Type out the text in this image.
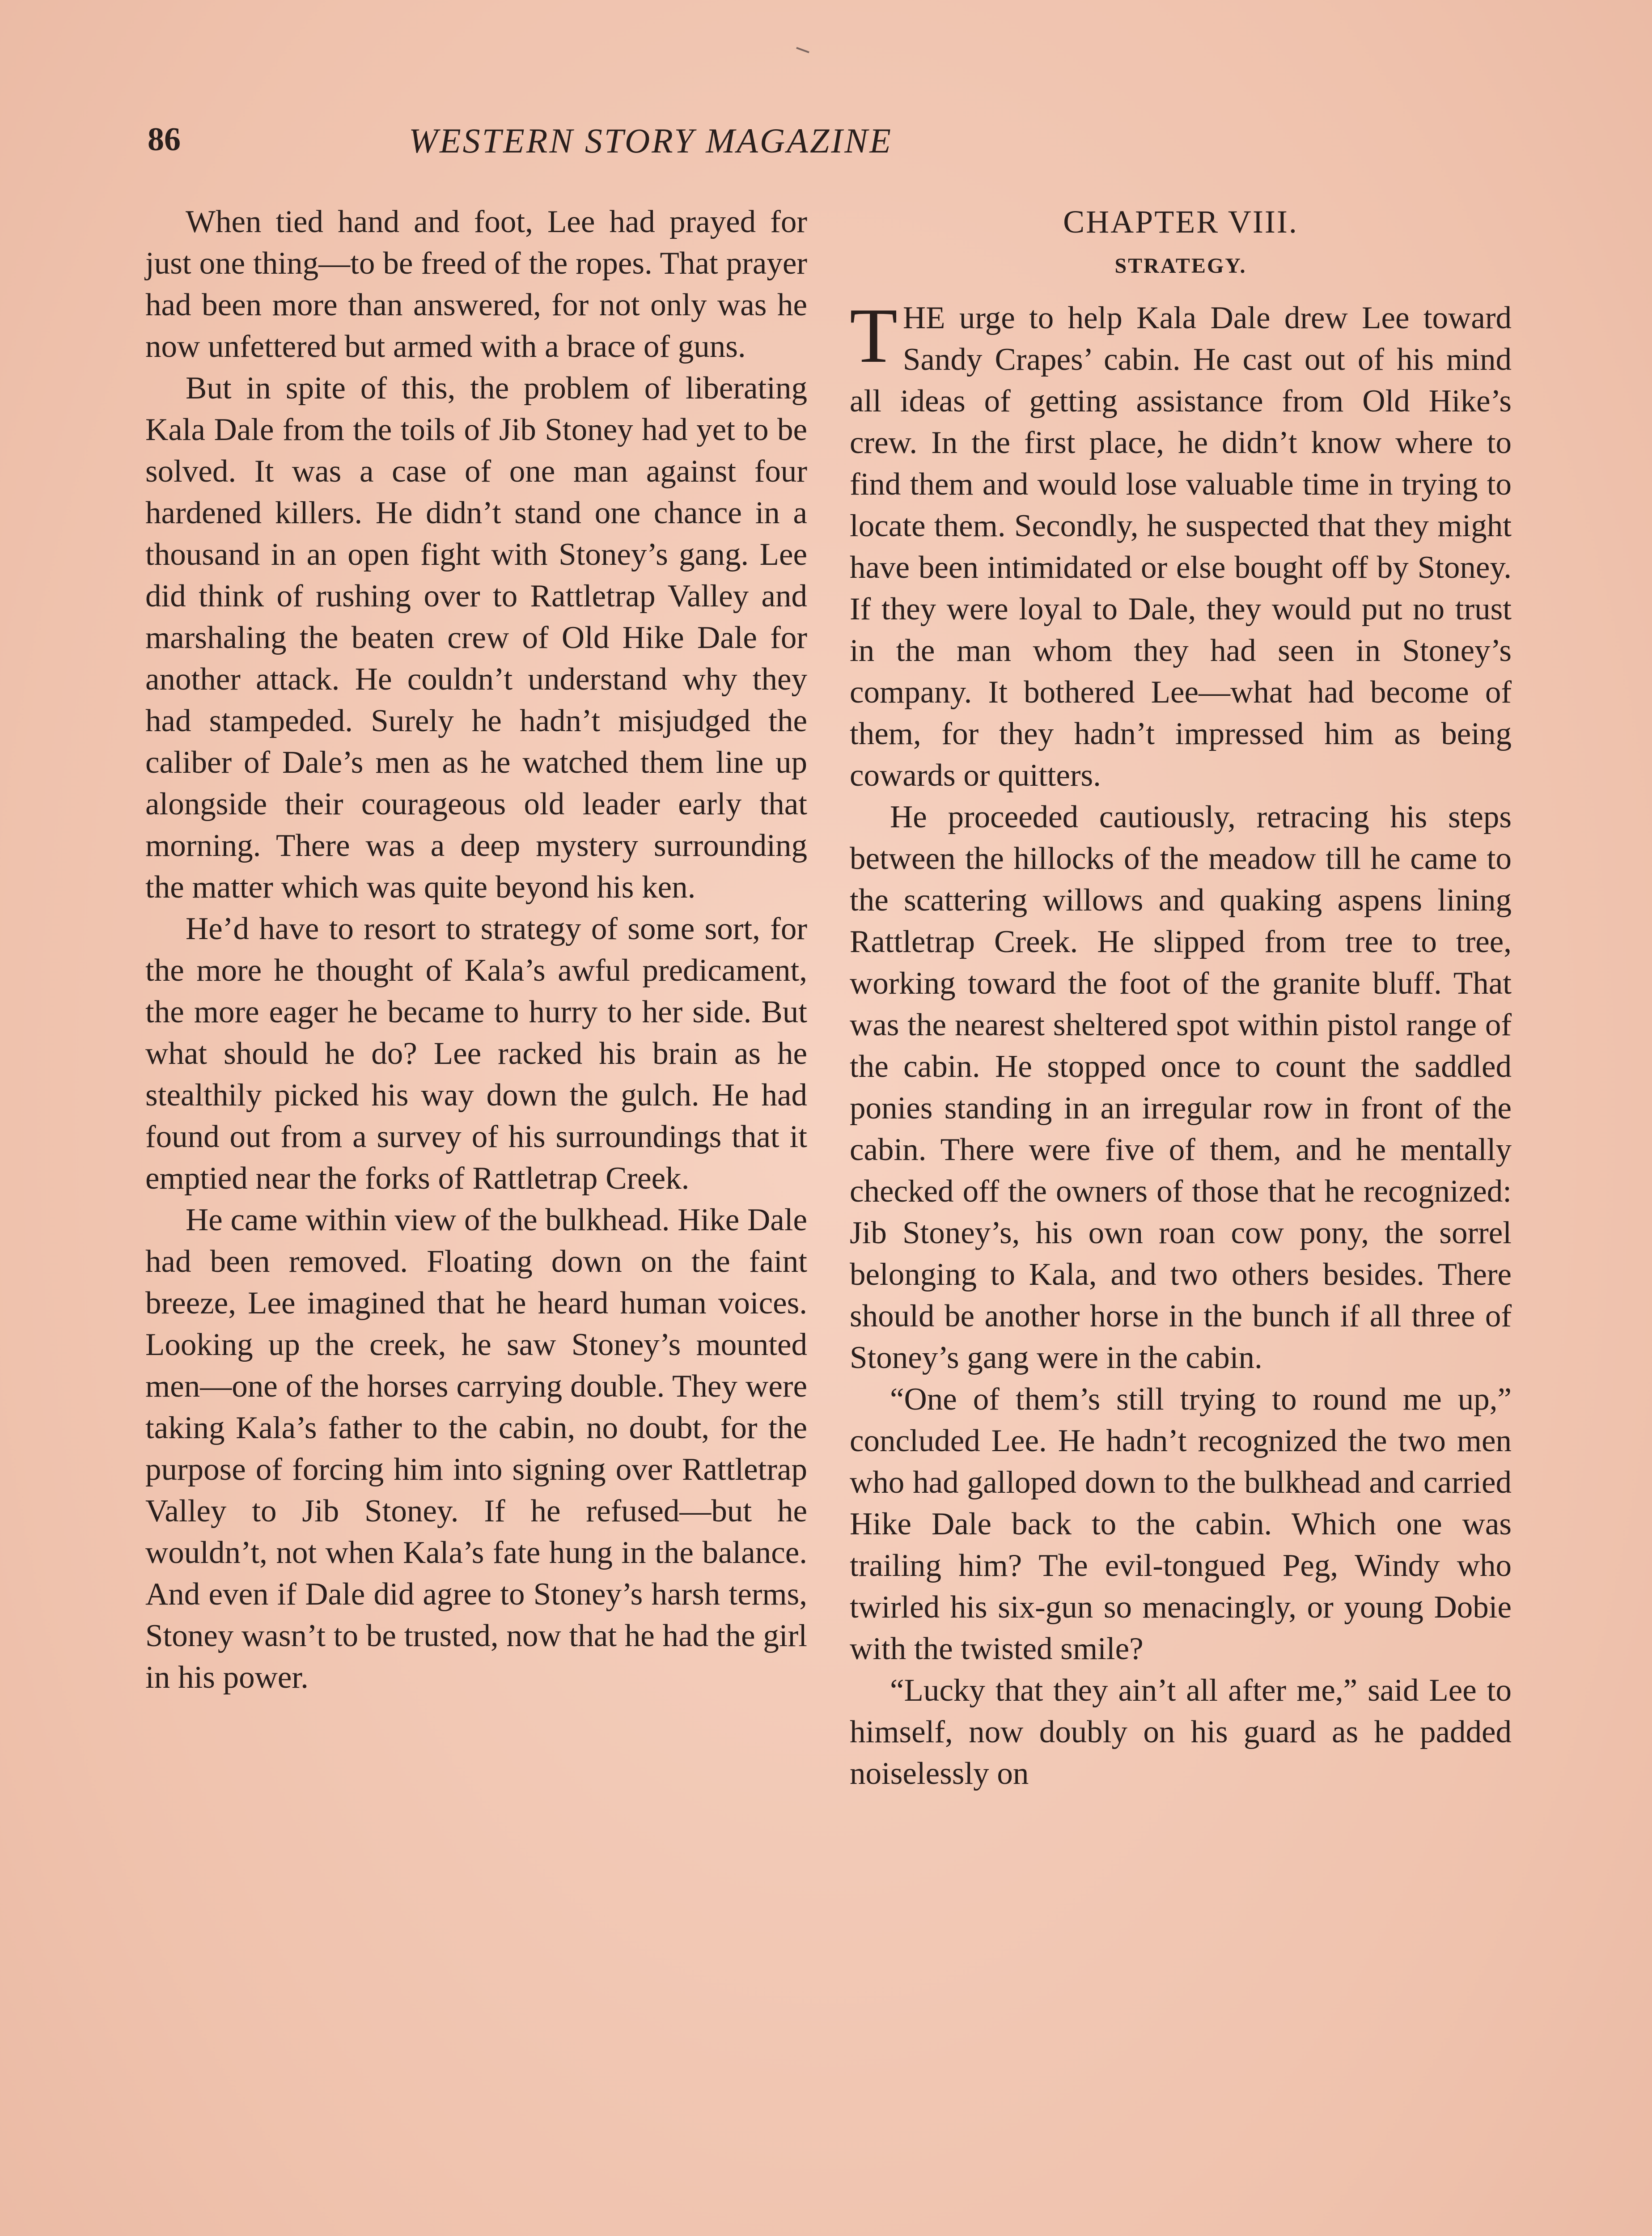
86	WESTERN STORY MAGAZINE

When tied hand and foot, Lee had prayed for just one thing—to be freed of the ropes. That prayer had been more than answered, for not only was he now unfettered but armed with a brace of guns.

But in spite of this, the problem of liberating Kala Dale from the toils of Jib Stoney had yet to be solved. It was a case of one man against four hardened killers. He didn’t stand one chance in a thousand in an open fight with Stoney’s gang. Lee did think of rushing over to Rattletrap Valley and marshaling the beaten crew of Old Hike Dale for another attack. He couldn’t understand why they had stampeded. Surely he hadn’t misjudged the caliber of Dale’s men as he watched them line up alongside their courageous old leader early that morning. There was a deep mystery surrounding the matter which was quite beyond his ken.

He’d have to resort to strategy of some sort, for the more he thought of Kala’s awful predicament, the more eager he became to hurry to her side. But what should he do? Lee racked his brain as he stealthily picked his way down the gulch. He had found out from a survey of his surroundings that it emptied near the forks of Rattletrap Creek.

He came within view of the bulkhead. Hike Dale had been removed. Floating down on the faint breeze, Lee imagined that he heard human voices. Looking up the creek, he saw Stoney’s mounted men—one of the horses carrying double. They were taking Kala’s father to the cabin, no doubt, for the purpose of forcing him into signing over Rattletrap Valley to Jib Stoney. If he refused—but he wouldn’t, not when Kala’s fate hung in the balance. And even if Dale did agree to Stoney’s harsh terms, Stoney wasn’t to be trusted, now that he had the girl in his power.

CHAPTER VIII.

STRATEGY.

THE urge to help Kala Dale drew Lee toward Sandy Crapes’ cabin. He cast out of his mind all ideas of getting assistance from Old Hike’s crew. In the first place, he didn’t know where to find them and would lose valuable time in trying to locate them. Secondly, he suspected that they might have been intimidated or else bought off by Stoney. If they were loyal to Dale, they would put no trust in the man whom they had seen in Stoney’s company. It bothered Lee—what had become of them, for they hadn’t impressed him as being cowards or quitters.

He proceeded cautiously, retracing his steps between the hillocks of the meadow till he came to the scattering willows and quaking aspens lining Rattletrap Creek. He slipped from tree to tree, working toward the foot of the granite bluff. That was the nearest sheltered spot within pistol range of the cabin. He stopped once to count the saddled ponies standing in an irregular row in front of the cabin. There were five of them, and he mentally checked off the owners of those that he recognized: Jib Stoney’s, his own roan cow pony, the sorrel belonging to Kala, and two others besides. There should be another horse in the bunch if all three of Stoney’s gang were in the cabin.

“One of them’s still trying to round me up,” concluded Lee. He hadn’t recognized the two men who had galloped down to the bulkhead and carried Hike Dale back to the cabin. Which one was trailing him? The evil-tongued Peg, Windy who twirled his six-gun so menacingly, or young Dobie with the twisted smile?

“Lucky that they ain’t all after me,” said Lee to himself, now doubly on his guard as he padded noiselessly on
